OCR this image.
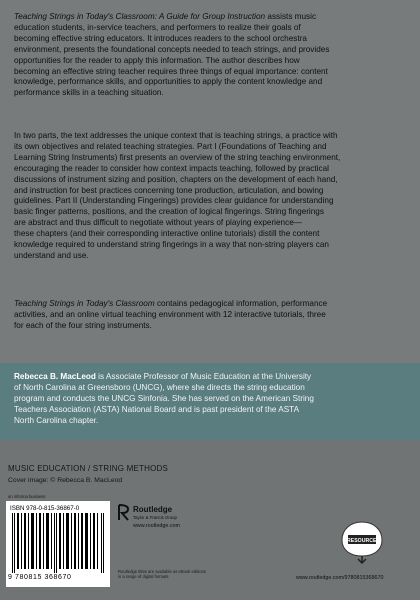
Teaching Strings in Today's Classroom: A Guide for Group Instruction assists music
education students, in-service teachers, and performers to realize their goals of
becoming effective string educators. It introduces readers to the school orchestra
environment, presents the foundational concepts needed to teach strings, and provides
opportunities for the reader to apply this information. The author describes how
becoming an effective string teacher requires three things of equal importance: content
knowledge, performance skills, and opportunities to apply the content knowledge and
performance skills in a teaching situation.
In two parts, the text addresses the unique context that is teaching strings, a practice with
its own objectives and related teaching strategies. Part I (Foundations of Teaching and
Learning String Instruments) first presents an overview of the string teaching environment,
encouraging the reader to consider how context impacts teaching, followed by practical
discussions of instrument sizing and position, chapters on the development of each hand,
and instruction for best practices concerning tone production, articulation, and bowing
guidelines. Part II (Understanding Fingerings) provides clear guidance for understanding
basic finger patterns, positions, and the creation of logical fingerings. String fingerings
are abstract and thus difficult to negotiate without years of playing experience—
these chapters (and their corresponding interactive online tutorials) distill the content
knowledge required to understand string fingerings in a way that non-string players can
understand and use.
Teaching Strings in Today's Classroom contains pedagogical information, performance
activities, and an online virtual teaching environment with 12 interactive tutorials, three
for each of the four string instruments.
Rebecca B. MacLeod is Associate Professor of Music Education at the University
of North Carolina at Greensboro (UNCG), where she directs the string education
program and conducts the UNCG Sinfonia. She has served on the American String
Teachers Association (ASTA) National Board and is past president of the ASTA
North Carolina chapter.
MUSIC EDUCATION / STRING METHODS
Cover image: © Rebecca B. MacLeod
an informa business
ISBN 978-0-815-36867-0
9 780815 368670
Routledge
Taylor & Francis Group
www.routledge.com
Routledge titles are available as eBook editions in a range of digital formats
eRESOURCES
www.routledge.com/9780815368670
